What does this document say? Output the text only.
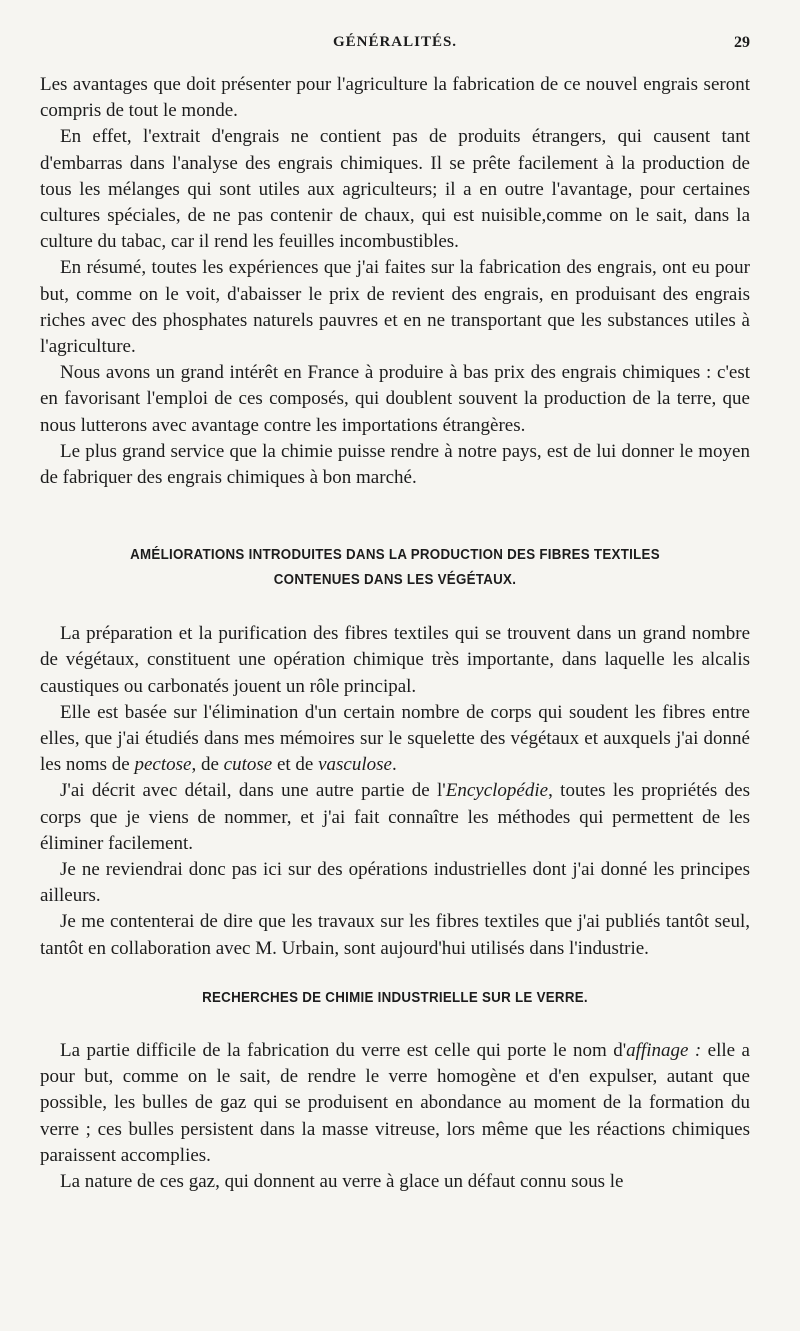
GÉNÉRALITÉS.	29

Les avantages que doit présenter pour l'agriculture la fabrication de ce nouvel engrais seront compris de tout le monde.

En effet, l'extrait d'engrais ne contient pas de produits étrangers, qui causent tant d'embarras dans l'analyse des engrais chimiques. Il se prête facilement à la production de tous les mélanges qui sont utiles aux agriculteurs; il a en outre l'avantage, pour certaines cultures spéciales, de ne pas contenir de chaux, qui est nuisible,comme on le sait, dans la culture du tabac, car il rend les feuilles incombustibles.

En résumé, toutes les expériences que j'ai faites sur la fabrication des engrais, ont eu pour but, comme on le voit, d'abaisser le prix de revient des engrais, en produisant des engrais riches avec des phosphates naturels pauvres et en ne transportant que les substances utiles à l'agriculture.

Nous avons un grand intérêt en France à produire à bas prix des engrais chimiques : c'est en favorisant l'emploi de ces composés, qui doublent souvent la production de la terre, que nous lutterons avec avantage contre les importations étrangères.

Le plus grand service que la chimie puisse rendre à notre pays, est de lui donner le moyen de fabriquer des engrais chimiques à bon marché.

AMÉLIORATIONS INTRODUITES DANS LA PRODUCTION DES FIBRES TEXTILES
CONTENUES DANS LES VÉGÉTAUX.

La préparation et la purification des fibres textiles qui se trouvent dans un grand nombre de végétaux, constituent une opération chimique très importante, dans laquelle les alcalis caustiques ou carbonatés jouent un rôle principal.

Elle est basée sur l'élimination d'un certain nombre de corps qui soudent les fibres entre elles, que j'ai étudiés dans mes mémoires sur le squelette des végétaux et auxquels j'ai donné les noms de pectose, de cutose et de vasculose.

J'ai décrit avec détail, dans une autre partie de l'Encyclopédie, toutes les propriétés des corps que je viens de nommer, et j'ai fait connaître les méthodes qui permettent de les éliminer facilement.

Je ne reviendrai donc pas ici sur des opérations industrielles dont j'ai donné les principes ailleurs.

Je me contenterai de dire que les travaux sur les fibres textiles que j'ai publiés tantôt seul, tantôt en collaboration avec M. Urbain, sont aujourd'hui utilisés dans l'industrie.

RECHERCHES DE CHIMIE INDUSTRIELLE SUR LE VERRE.

La partie difficile de la fabrication du verre est celle qui porte le nom d'affinage : elle a pour but, comme on le sait, de rendre le verre homogène et d'en expulser, autant que possible, les bulles de gaz qui se produisent en abondance au moment de la formation du verre ; ces bulles persistent dans la masse vitreuse, lors même que les réactions chimiques paraissent accomplies.

La nature de ces gaz, qui donnent au verre à glace un défaut connu sous le
